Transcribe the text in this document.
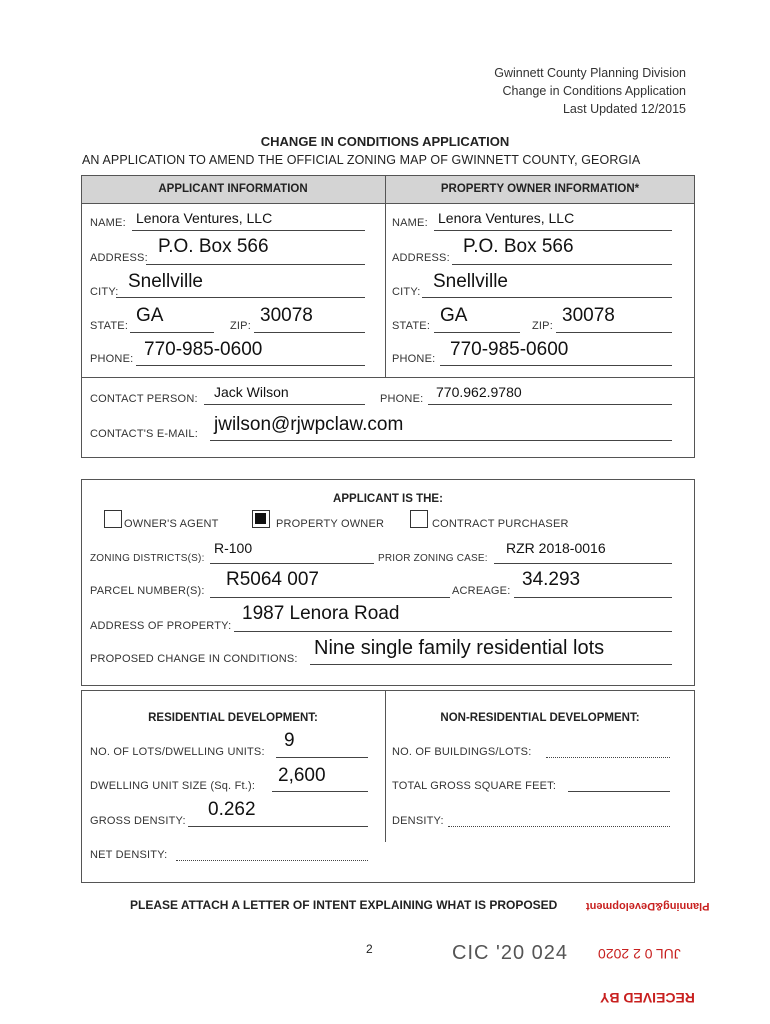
Gwinnett County Planning Division
Change in Conditions Application
Last Updated 12/2015
CHANGE IN CONDITIONS APPLICATION
AN APPLICATION TO AMEND THE OFFICIAL ZONING MAP OF GWINNETT COUNTY, GEORGIA
APPLICANT INFORMATION	PROPERTY OWNER INFORMATION*
NAME: Lenora Ventures, LLC
ADDRESS:
P.O. Box 566
CITY: Snellville
STATE: GA	ZIP: 30078
PHONE: 770-985-0600
NAME: Lenora Ventures, LLC
ADDRESS:
P.O. Box 566
CITY: Snellville
STATE: GA	ZIP: 30078
PHONE: 770-985-0600
CONTACT PERSON: Jack Wilson	PHONE: 770.962.9780
CONTACT'S E-MAIL: jwilson@rjwpclaw.com
APPLICANT IS THE:
OWNER'S AGENT	PROPERTY OWNER	CONTRACT PURCHASER
ZONING DISTRICTS(S):
R-100
PRIOR ZONING CASE:
RZR 2018-0016
PARCEL NUMBER(S):
R5064 007
ACREAGE:
34.293
ADDRESS OF PROPERTY:
1987 Lenora Road
PROPOSED CHANGE IN CONDITIONS: Nine single family residential lots
RESIDENTIAL DEVELOPMENT:	NON-RESIDENTIAL DEVELOPMENT:
NO. OF LOTS/DWELLING UNITS:
9
DWELLING UNIT SIZE (Sq. Ft.): 2,600
GROSS DENSITY:
0.262
NET DENSITY:
NO. OF BUILDINGS/LOTS:
TOTAL GROSS SQUARE FEET:
DENSITY:
PLEASE ATTACH A LETTER OF INTENT EXPLAINING WHAT IS PROPOSED	Planning&Development
2	CIC '20 024 JUL 0 2 2020
RECEIVED BY
